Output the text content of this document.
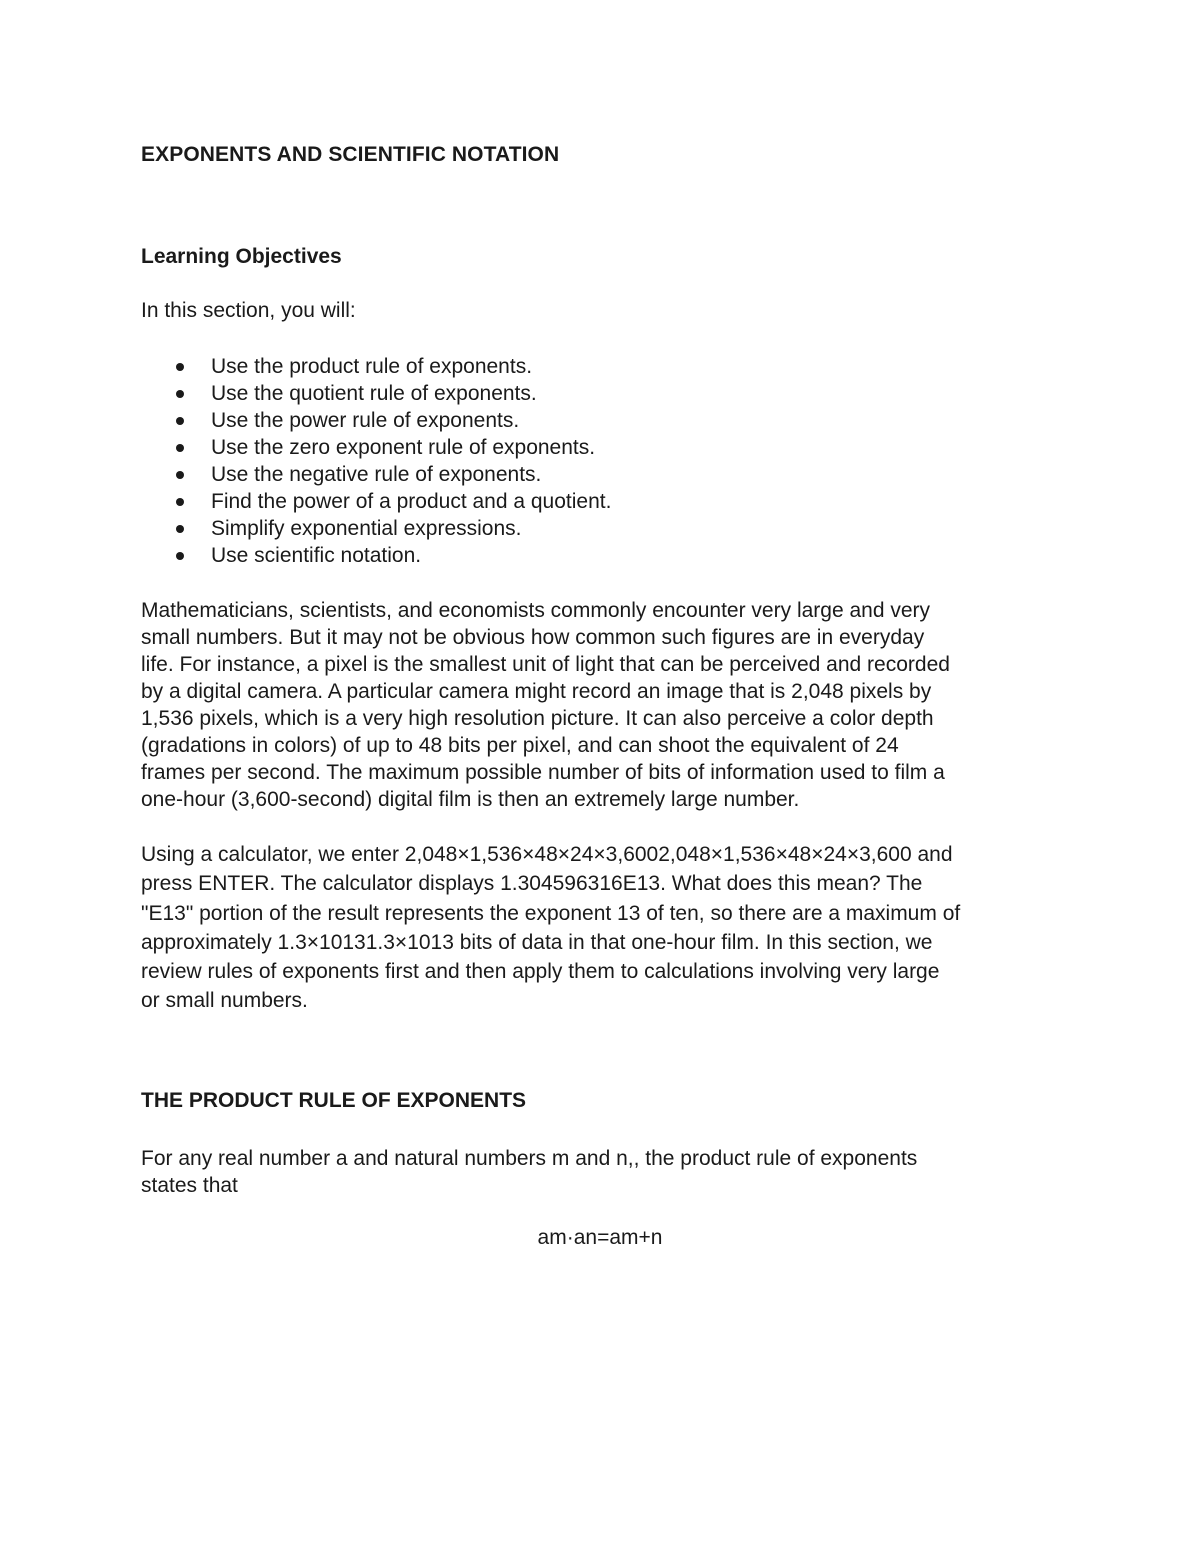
EXPONENTS AND SCIENTIFIC NOTATION
Learning Objectives

In this section, you will:

Use the product rule of exponents.
Use the quotient rule of exponents.
Use the power rule of exponents.
Use the zero exponent rule of exponents.
Use the negative rule of exponents.
Find the power of a product and a quotient.
Simplify exponential expressions.
Use scientific notation.

Mathematicians, scientists, and economists commonly encounter very large and very
small numbers. But it may not be obvious how common such figures are in everyday
life. For instance, a pixel is the smallest unit of light that can be perceived and recorded
by a digital camera. A particular camera might record an image that is 2,048 pixels by
1,536 pixels, which is a very high resolution picture. It can also perceive a color depth
(gradations in colors) of up to 48 bits per pixel, and can shoot the equivalent of 24
frames per second. The maximum possible number of bits of information used to film a
one-hour (3,600-second) digital film is then an extremely large number.

Using a calculator, we enter 2,048×1,536×48×24×3,6002,048×1,536×48×24×3,600 and
press ENTER. The calculator displays 1.304596316E13. What does this mean? The
"E13" portion of the result represents the exponent 13 of ten, so there are a maximum of
approximately 1.3×10131.3×1013 bits of data in that one-hour film. In this section, we
review rules of exponents first and then apply them to calculations involving very large
or small numbers.

THE PRODUCT RULE OF EXPONENTS

For any real number a and natural numbers m and n,, the product rule of exponents
states that

am·an=am+n
